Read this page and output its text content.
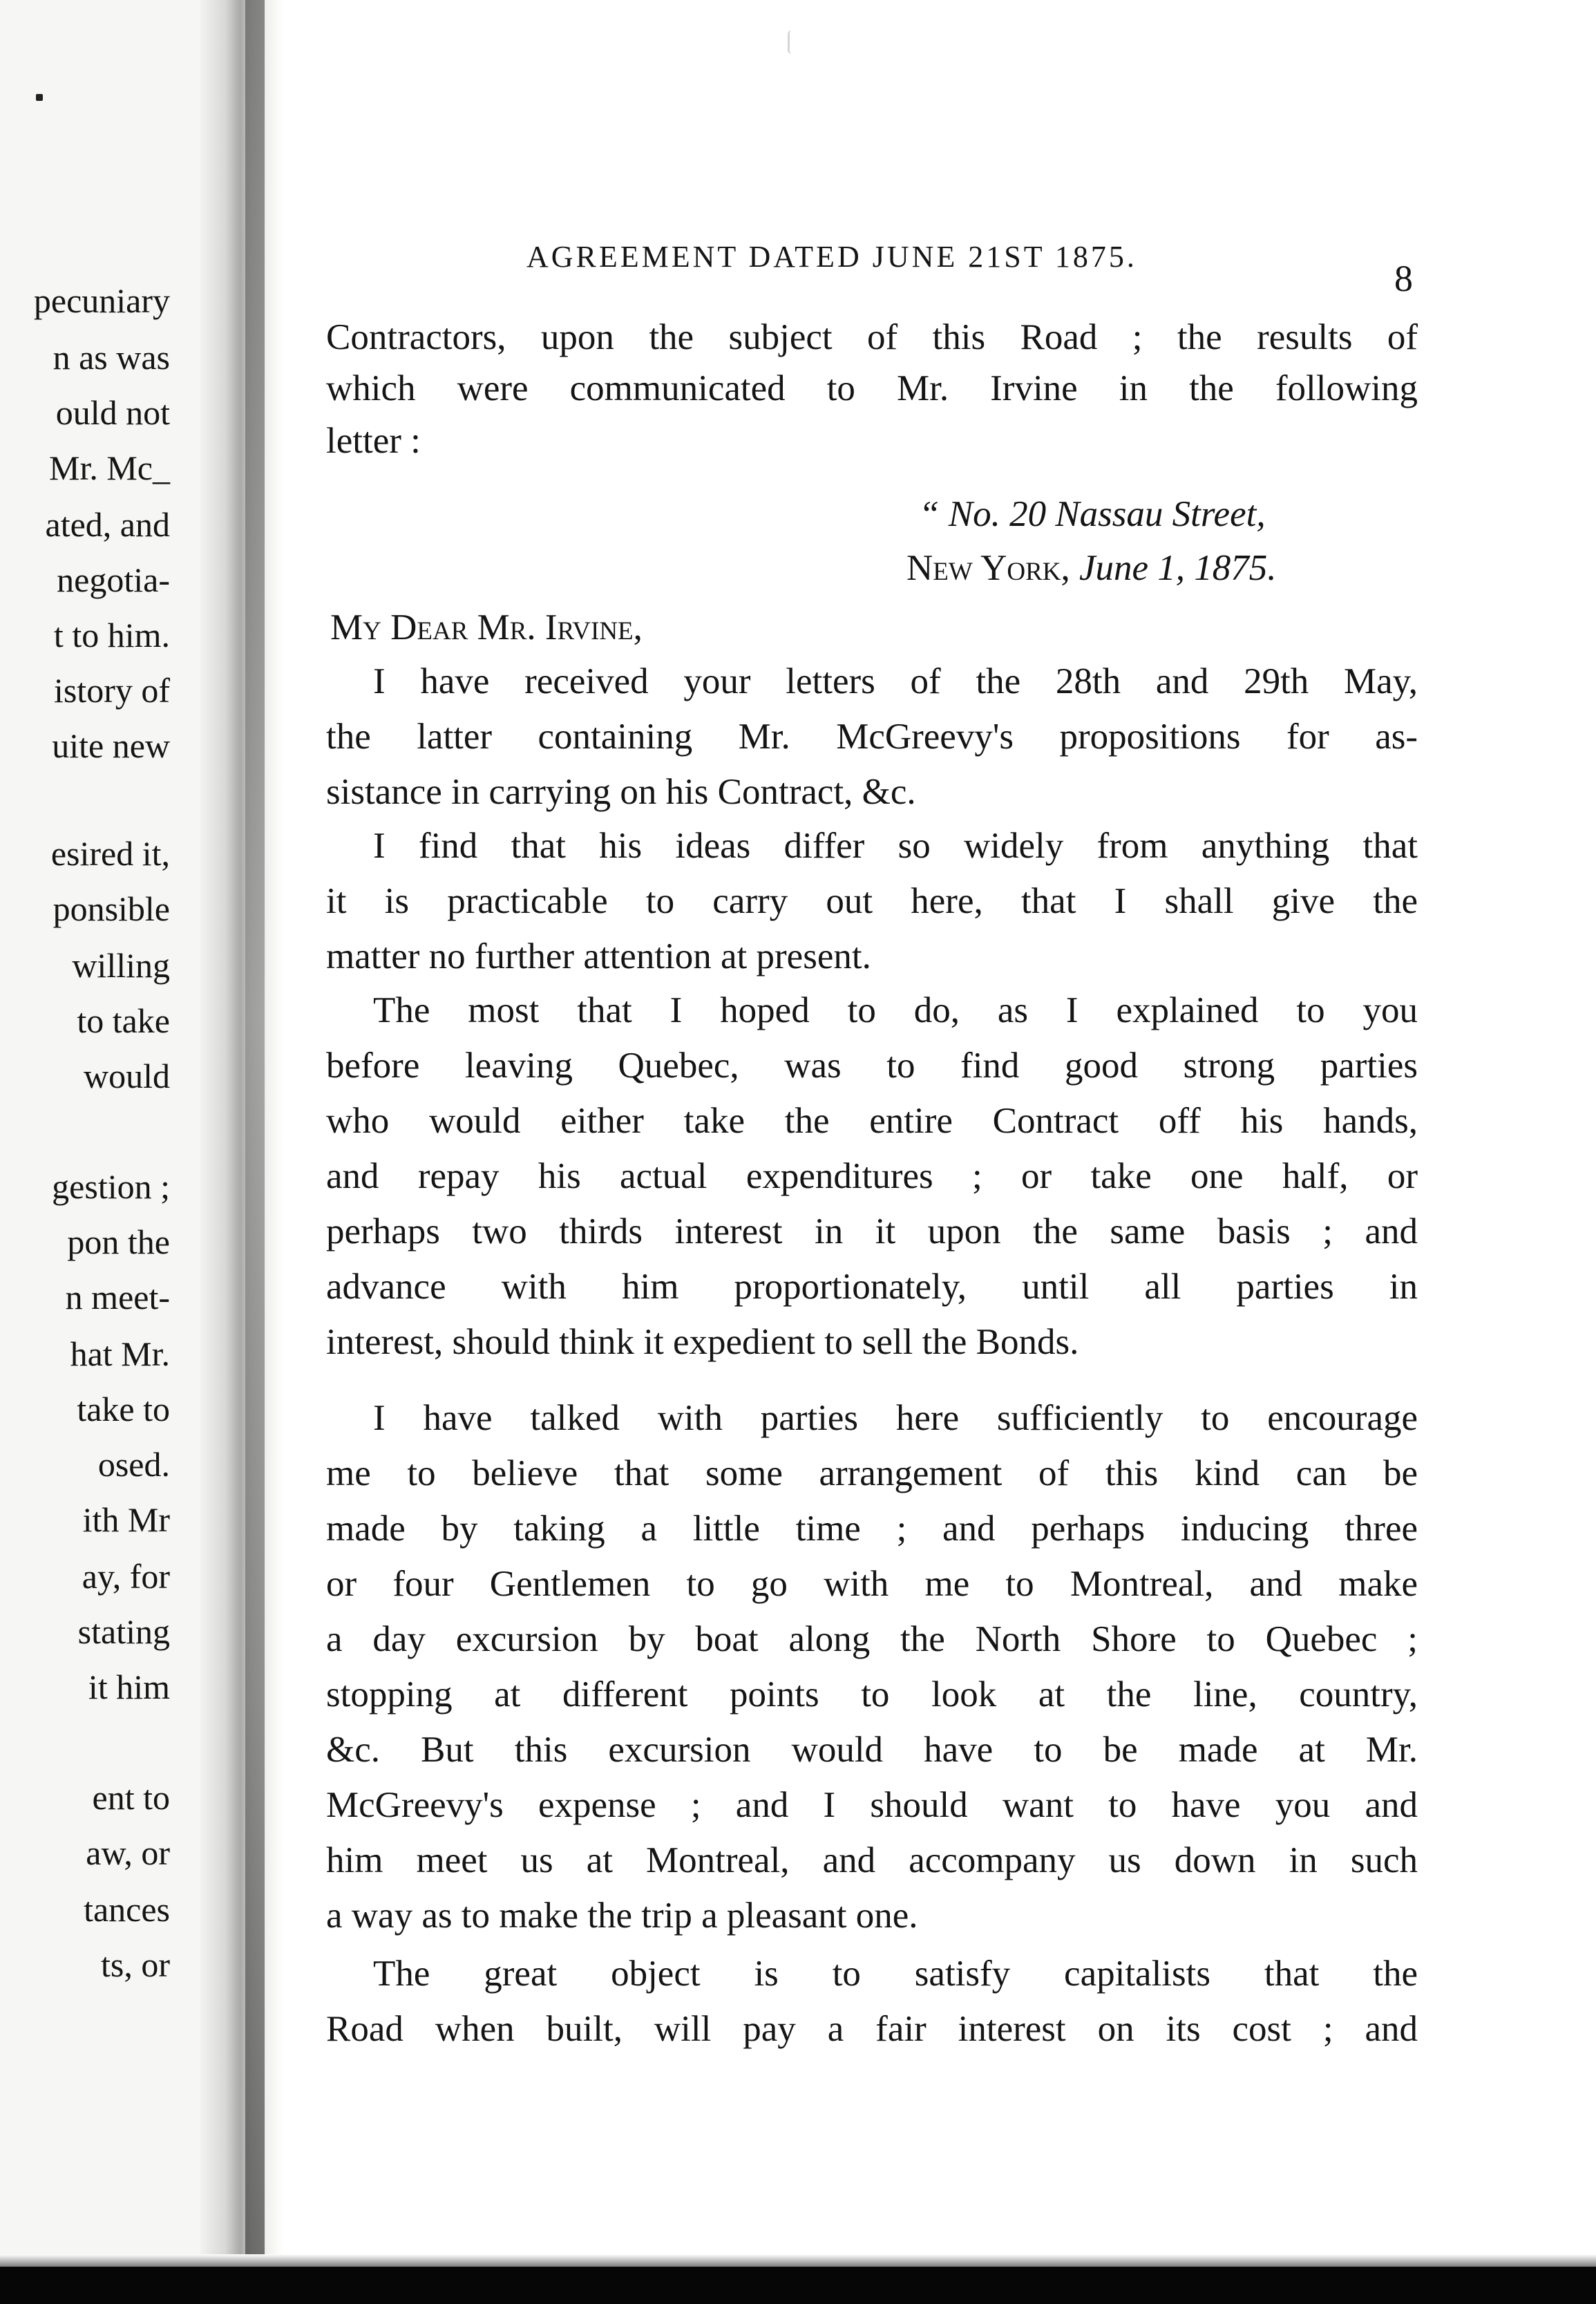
pecuniary
n as was
ould not
Mr. Mc_
ated, and
negotia-
t to him.
istory of
uite new
esired it,
ponsible
willing
to take
would
gestion ;
pon the
n meet-
hat Mr.
take to
osed.
ith Mr
ay, for
stating
it him
ent to
aw, or
tances
ts, or
AGREEMENT DATED JUNE 21ST 1875.
8
Contractors, upon the subject of this Road ; the results of
which were communicated to Mr. Irvine in the following
letter :
“ No. 20 Nassau Street,
New York, June 1, 1875.
My Dear Mr. Irvine,
I have received your letters of the 28th and 29th May,
the latter containing Mr. McGreevy's propositions for as-
sistance in carrying on his Contract, &c.
I find that his ideas differ so widely from anything that
it is practicable to carry out here, that I shall give the
matter no further attention at present.
The most that I hoped to do, as I explained to you
before leaving Quebec, was to find good strong parties
who would either take the entire Contract off his hands,
and repay his actual expenditures ; or take one half, or
perhaps two thirds interest in it upon the same basis ; and
advance with him proportionately, until all parties in
interest, should think it expedient to sell the Bonds.
I have talked with parties here sufficiently to encourage
me to believe that some arrangement of this kind can be
made by taking a little time ; and perhaps inducing three
or four Gentlemen to go with me to Montreal, and make
a day excursion by boat along the North Shore to Quebec ;
stopping at different points to look at the line, country,
&c. But this excursion would have to be made at Mr.
McGreevy's expense ; and I should want to have you and
him meet us at Montreal, and accompany us down in such
a way as to make the trip a pleasant one.
The great object is to satisfy capitalists that the
Road when built, will pay a fair interest on its cost ; and
